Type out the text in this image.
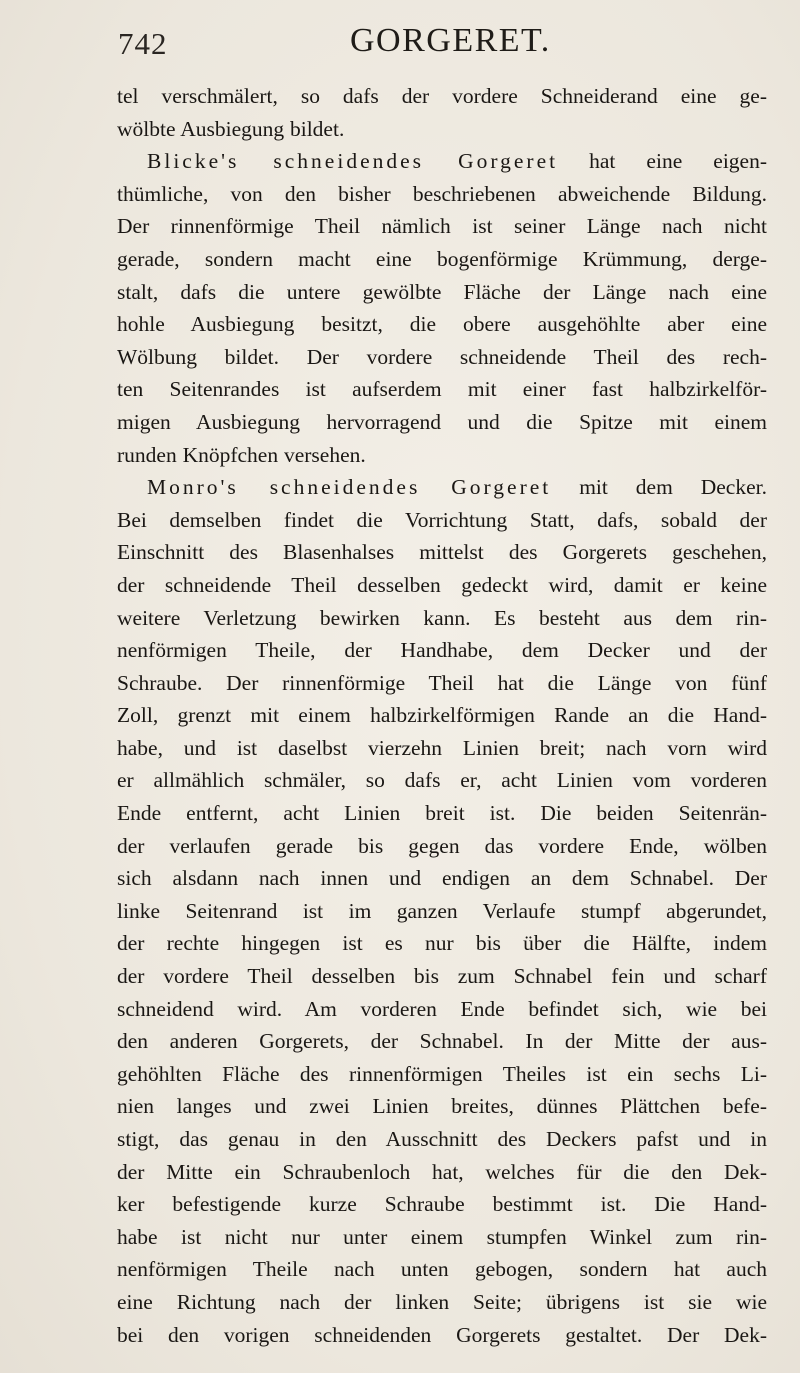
742	GORGERET.
tel verschmälert, so dafs der vordere Schneiderand eine ge-
wölbte Ausbiegung bildet.
Blicke's schneidendes Gorgeret hat eine eigen-
thümliche, von den bisher beschriebenen abweichende Bildung.
Der rinnenförmige Theil nämlich ist seiner Länge nach nicht
gerade, sondern macht eine bogenförmige Krümmung, derge-
stalt, dafs die untere gewölbte Fläche der Länge nach eine
hohle Ausbiegung besitzt, die obere ausgehöhlte aber eine
Wölbung bildet. Der vordere schneidende Theil des rech-
ten Seitenrandes ist aufserdem mit einer fast halbzirkelför-
migen Ausbiegung hervorragend und die Spitze mit einem
runden Knöpfchen versehen.
Monro's schneidendes Gorgeret mit dem Decker.
Bei demselben findet die Vorrichtung Statt, dafs, sobald der
Einschnitt des Blasenhalses mittelst des Gorgerets geschehen,
der schneidende Theil desselben gedeckt wird, damit er keine
weitere Verletzung bewirken kann. Es besteht aus dem rin-
nenförmigen Theile, der Handhabe, dem Decker und der
Schraube. Der rinnenförmige Theil hat die Länge von fünf
Zoll, grenzt mit einem halbzirkelförmigen Rande an die Hand-
habe, und ist daselbst vierzehn Linien breit; nach vorn wird
er allmählich schmäler, so dafs er, acht Linien vom vorderen
Ende entfernt, acht Linien breit ist. Die beiden Seitenrän-
der verlaufen gerade bis gegen das vordere Ende, wölben
sich alsdann nach innen und endigen an dem Schnabel. Der
linke Seitenrand ist im ganzen Verlaufe stumpf abgerundet,
der rechte hingegen ist es nur bis über die Hälfte, indem
der vordere Theil desselben bis zum Schnabel fein und scharf
schneidend wird. Am vorderen Ende befindet sich, wie bei
den anderen Gorgerets, der Schnabel. In der Mitte der aus-
gehöhlten Fläche des rinnenförmigen Theiles ist ein sechs Li-
nien langes und zwei Linien breites, dünnes Plättchen befe-
stigt, das genau in den Ausschnitt des Deckers pafst und in
der Mitte ein Schraubenloch hat, welches für die den Dek-
ker befestigende kurze Schraube bestimmt ist. Die Hand-
habe ist nicht nur unter einem stumpfen Winkel zum rin-
nenförmigen Theile nach unten gebogen, sondern hat auch
eine Richtung nach der linken Seite; übrigens ist sie wie
bei den vorigen schneidenden Gorgerets gestaltet. Der Dek-
